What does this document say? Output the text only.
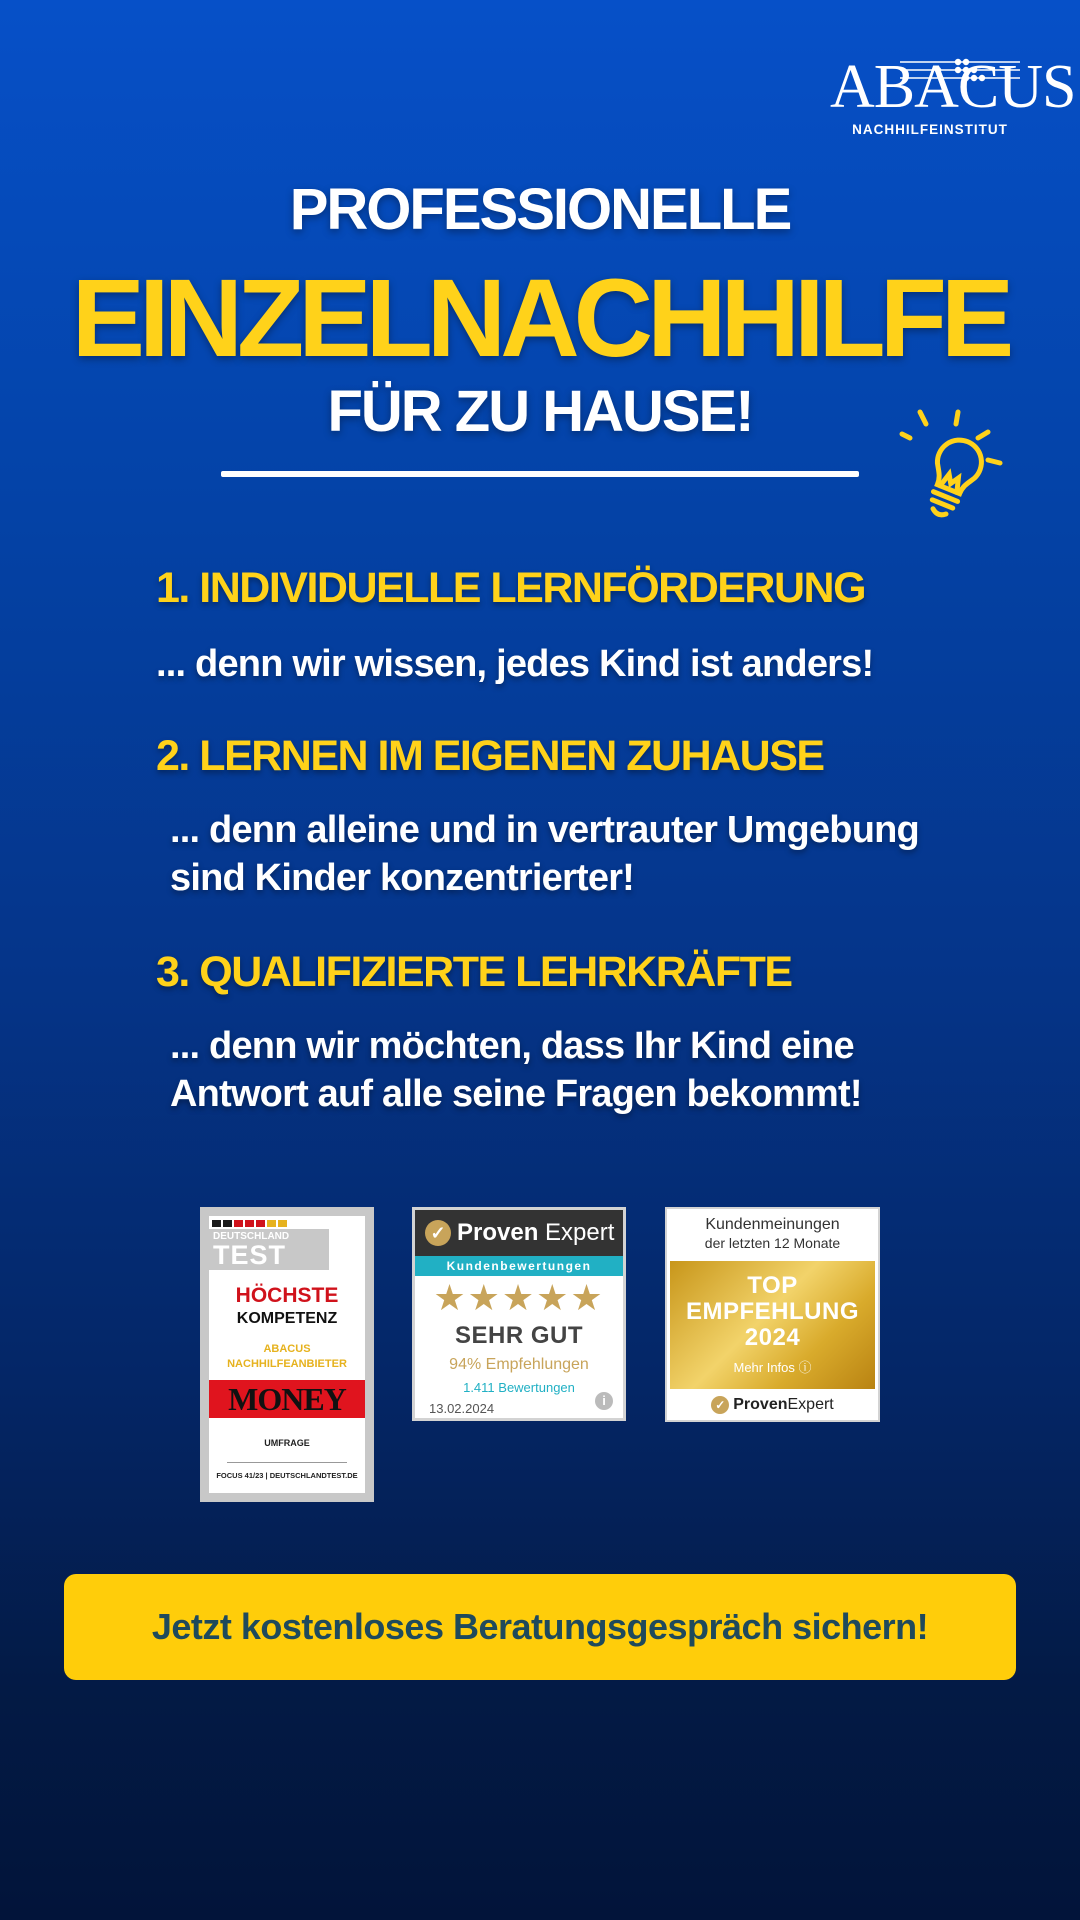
ABACUS
NACHHILFEINSTITUT
PROFESSIONELLE
EINZELNACHHILFE
FÜR ZU HAUSE!
1. INDIVIDUELLE LERNFÖRDERUNG
... denn wir wissen, jedes Kind ist anders!
2. LERNEN IM EIGENEN ZUHAUSE
... denn alleine und in vertrauter Umgebung
sind Kinder konzentrierter!
3. QUALIFIZIERTE LEHRKRÄFTE
... denn wir möchten, dass Ihr Kind eine
Antwort auf alle seine Fragen bekommt!
DEUTSCHLAND
TEST
HÖCHSTE
KOMPETENZ
ABACUS
NACHHILFEANBIETER
MONEY
UMFRAGE
FOCUS 41/23 | DEUTSCHLANDTEST.DE
✓ Proven Expert
Kundenbewertungen
★★★★★
SEHR GUT
94% Empfehlungen
1.411 Bewertungen
13.02.2024
i
Kundenmeinungen
der letzten 12 Monate
TOP
EMPFEHLUNG
2024
Mehr Infos ⓘ
✓ Proven Expert
Jetzt kostenloses Beratungsgespräch sichern!
